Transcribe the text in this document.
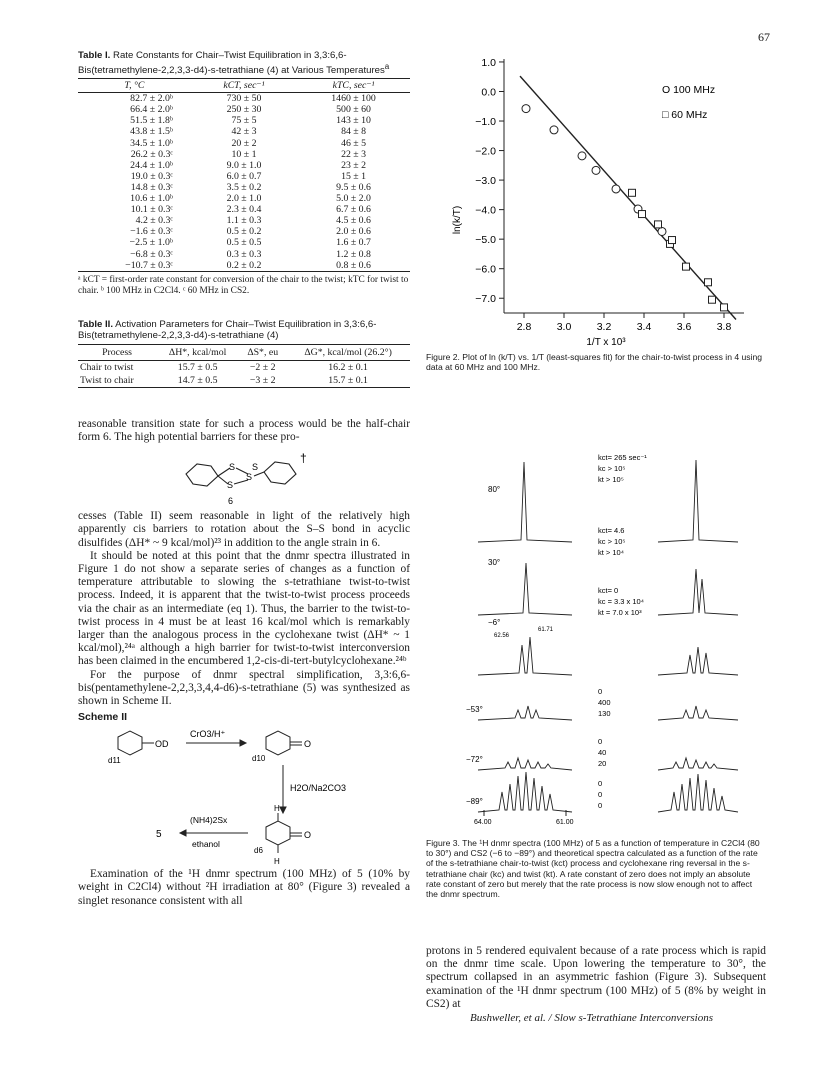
67
Table I. Rate Constants for Chair–Twist Equilibration in 3,3:6,6-Bis(tetramethylene-2,2,3,3-d4)-s-tetrathiane (4) at Various Temperatures$^a$
T, °C	kCT, sec⁻¹	kTC, sec⁻¹
82.7 ± 2.0ᵇ	730 ± 50	1460 ± 100
66.4 ± 2.0ᵇ	250 ± 30	500 ± 60
51.5 ± 1.8ᵇ	75 ± 5	143 ± 10
43.8 ± 1.5ᵇ	42 ± 3	84 ± 8
34.5 ± 1.0ᵇ	20 ± 2	46 ± 5
26.2 ± 0.3ᶜ	10 ± 1	22 ± 3
24.4 ± 1.0ᵇ	9.0 ± 1.0	23 ± 2
19.0 ± 0.3ᶜ	6.0 ± 0.7	15 ± 1
14.8 ± 0.3ᶜ	3.5 ± 0.2	9.5 ± 0.6
10.6 ± 1.0ᵇ	2.0 ± 1.0	5.0 ± 2.0
10.1 ± 0.3ᶜ	2.3 ± 0.4	6.7 ± 0.6
4.2 ± 0.3ᶜ	1.1 ± 0.3	4.5 ± 0.6
−1.6 ± 0.3ᶜ	0.5 ± 0.2	2.0 ± 0.6
−2.5 ± 1.0ᵇ	0.5 ± 0.5	1.6 ± 0.7
−6.8 ± 0.3ᶜ	0.3 ± 0.3	1.2 ± 0.8
−10.7 ± 0.3ᶜ	0.2 ± 0.2	0.8 ± 0.6
ᵃ kCT = first-order rate constant for conversion of the chair to the twist; kTC for twist to chair. ᵇ 100 MHz in C2Cl4. ᶜ 60 MHz in CS2.
Table II. Activation Parameters for Chair–Twist Equilibration in 3,3:6,6-Bis(tetramethylene-2,2,3,3-d4)-s-tetrathiane (4)
Process	ΔH*, kcal/mol	ΔS*, eu	ΔG*, kcal/mol (26.2°)
Chair to twist	15.7 ± 0.5	−2 ± 2	16.2 ± 0.1
Twist to chair	14.7 ± 0.5	−3 ± 2	15.7 ± 0.1

reasonable transition state for such a process would be the half-chair form 6. The high potential barriers for these pro-

S
S
S
S
†
6

cesses (Table II) seem reasonable in light of the relatively high apparently cis barriers to rotation about the S–S bond in acyclic disulfides (ΔH* ~ 9 kcal/mol)²³ in addition to the angle strain in 6.

It should be noted at this point that the dnmr spectra illustrated in Figure 1 do not show a separate series of changes as a function of temperature attributable to slowing the s-tetrathiane twist-to-twist process. Indeed, it is apparent that the twist-to-twist process proceeds via the chair as an intermediate (eq 1). Thus, the barrier to the twist-to-twist process in 4 must be at least 16 kcal/mol which is remarkably larger than the analogous process in the cyclohexane twist (ΔH* ~ 1 kcal/mol),²⁴ᵃ although a high barrier for twist-to-twist interconversion has been claimed in the encumbered 1,2-cis-di-tert-butylcyclohexane.²⁴ᵇ

For the purpose of dnmr spectral simplification, 3,3:6,6-bis(pentamethylene-2,2,3,3,4,4-d6)-s-tetrathiane (5) was synthesized as shown in Scheme II.

Scheme II
OD
d11
CrO3/H⁺
O
d10
H2O/Na2CO3
(NH4)2Sx
ethanol
5
H
O
d6
H

Examination of the ¹H dnmr spectrum (100 MHz) of 5 (10% by weight in C2Cl4) without ²H irradiation at 80° (Figure 3) revealed a singlet resonance consistent with all

1.0
0.0
−1.0
−2.0
−3.0
−4.0
−5.0
−6.0
−7.0
2.8 3.0 3.2 3.4 3.6 3.8
O 100 MHz
□ 60 MHz
ln(k/T)
1/T x 10³
Figure 2. Plot of ln (k/T) vs. 1/T (least-squares fit) for the chair-to-twist process in 4 using data at 60 MHz and 100 MHz.
80°
kct= 265 sec⁻¹
kc > 10⁵
kt > 10⁵
30°
kct= 4.6
kc > 10⁵
kt > 10⁴
−6°
kct= 0
kc = 3.3 x 10⁴
kt = 7.0 x 10³
62.56
61.71
−53°
0
400
130
−72°
0
40
20
−89°
0
0
0
64.00	61.00
Figure 3. The ¹H dnmr spectra (100 MHz) of 5 as a function of temperature in C2Cl4 (80 to 30°) and CS2 (−6 to −89°) and theoretical spectra calculated as a function of the rate of the s-tetrathiane chair-to-twist (kct) process and cyclohexane ring reversal in the s-tetrathiane chair (kc) and twist (kt). A rate constant of zero does not imply an absolute rate constant of zero but merely that the rate process is now slow enough not to affect the dnmr spectrum.

protons in 5 rendered equivalent because of a rate process which is rapid on the dnmr time scale. Upon lowering the temperature to 30°, the spectrum collapsed in an asymmetric fashion (Figure 3). Subsequent examination of the ¹H dnmr spectrum (100 MHz) of 5 (8% by weight in CS2) at

Bushweller, et al. / Slow s-Tetrathiane Interconversions
